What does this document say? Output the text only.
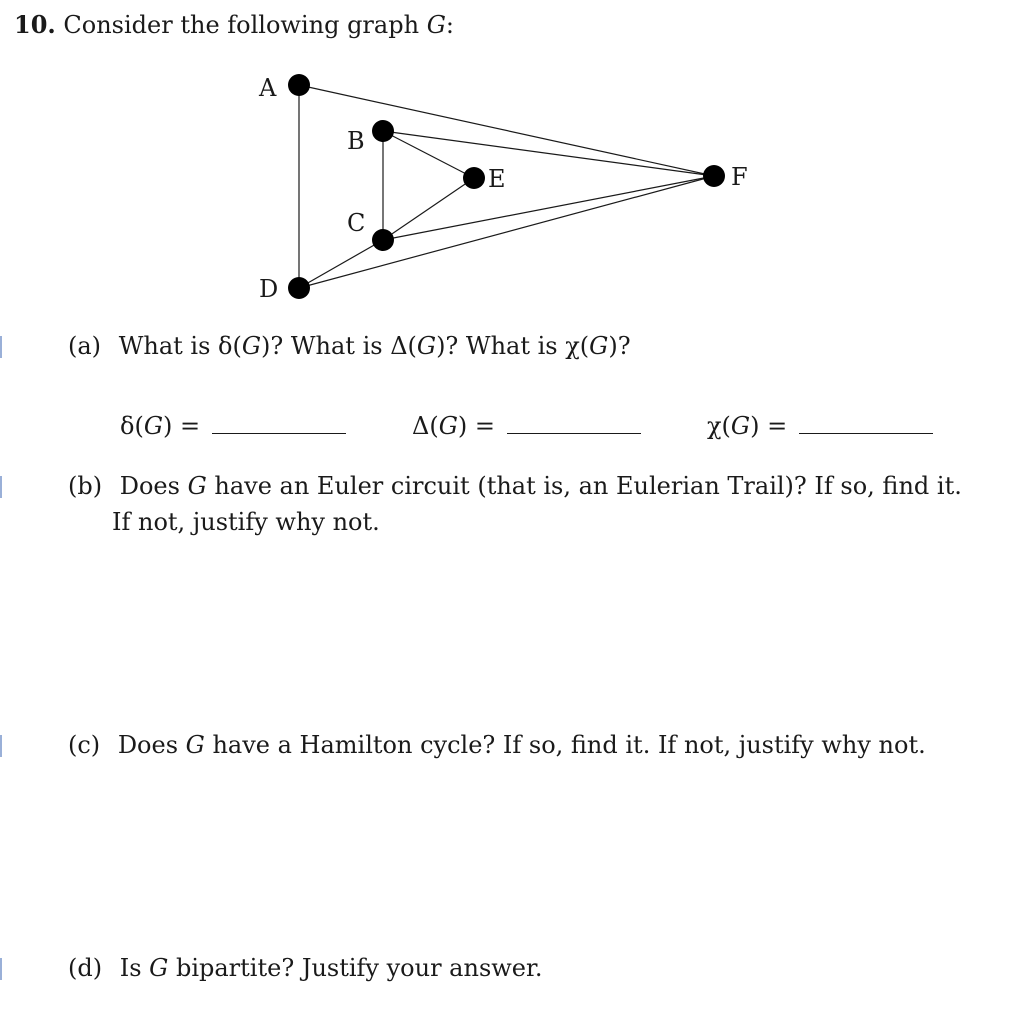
10. Consider the following graph G:
A
B
C
D
E	F
(a) What is δ(G)? What is Δ(G)? What is χ(G)?
δ(G) =	Δ(G) =	χ(G) =
(b) Does G have an Euler circuit (that is, an Eulerian Trail)? If so, find it.
If not, justify why not.
(c) Does G have a Hamilton cycle? If so, find it. If not, justify why not.
(d) Is G bipartite? Justify your answer.
